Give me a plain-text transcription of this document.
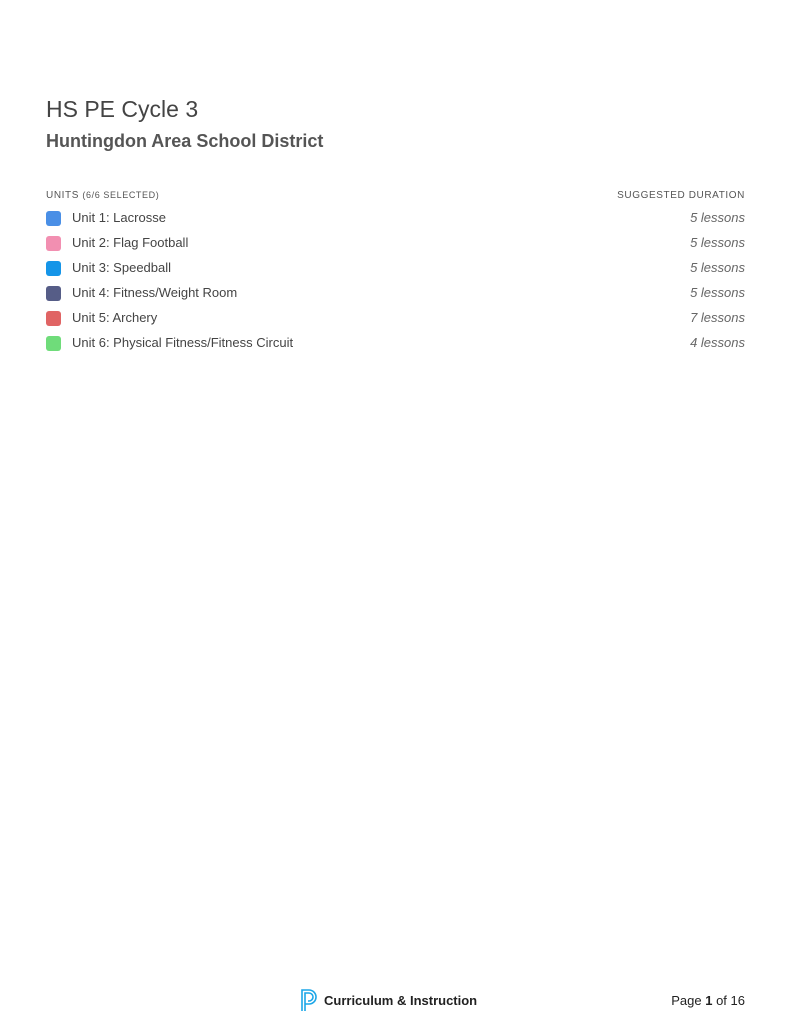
HS PE Cycle 3
Huntingdon Area School District
UNITS (6/6 SELECTED)	SUGGESTED DURATION
Unit 1: Lacrosse	5 lessons
Unit 2: Flag Football	5 lessons
Unit 3: Speedball	5 lessons
Unit 4: Fitness/Weight Room	5 lessons
Unit 5: Archery	7 lessons
Unit 6: Physical Fitness/Fitness Circuit	4 lessons
Curriculum & Instruction	Page 1 of 16
